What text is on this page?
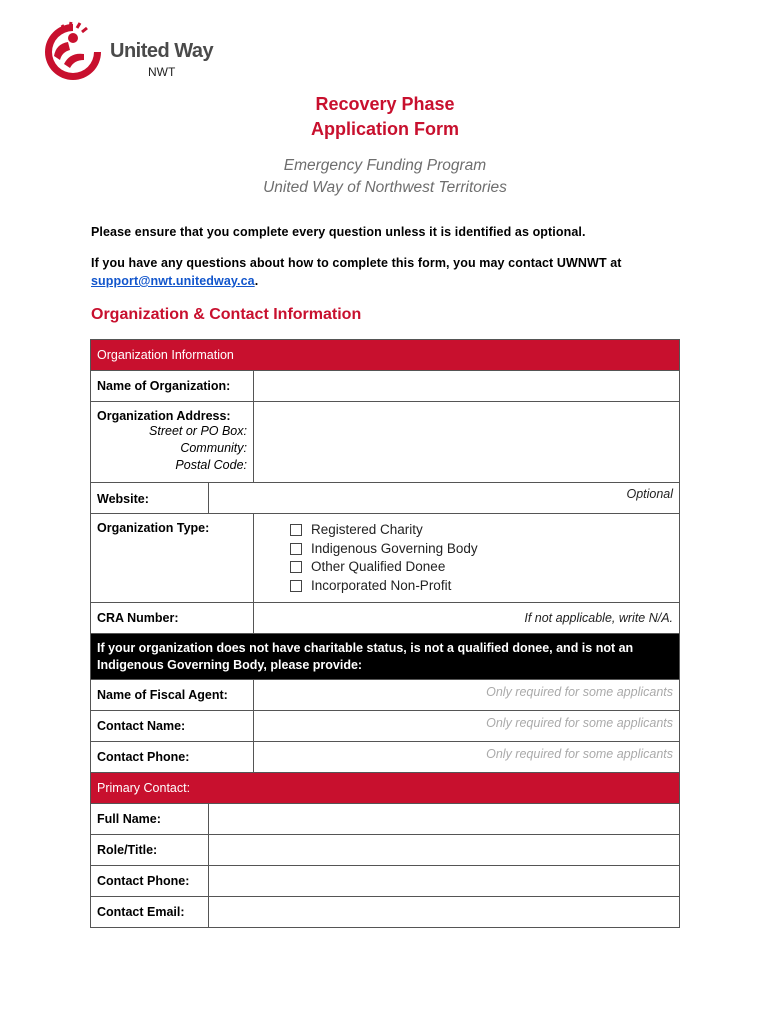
United Way
NWT
Recovery Phase
Application Form
Emergency Funding Program
United Way of Northwest Territories
Please ensure that you complete every question unless it is identified as optional.
If you have any questions about how to complete this form, you may contact UWNWT at
support@nwt.unitedway.ca.
Organization & Contact Information
Organization Information		
Name of Organization:		

Organization Address:
Street or PO Box:
Community:
Postal Code:		

Website:	Optional	
Organization Type:		Registered Charity
Indigenous Governing Body
Other Qualified Donee
Incorporated Non-Profit

CRA Number:		If not applicable, write N/A.
If your organization does not have charitable status, is not a qualified donee, and is not an Indigenous Governing Body, please provide:		
Name of Fiscal Agent:		Only required for some applicants
Contact Name:		Only required for some applicants
Contact Phone:		Only required for some applicants
Primary Contact:		
Full Name:		
Role/Title:		
Contact Phone:		
Contact Email:		
